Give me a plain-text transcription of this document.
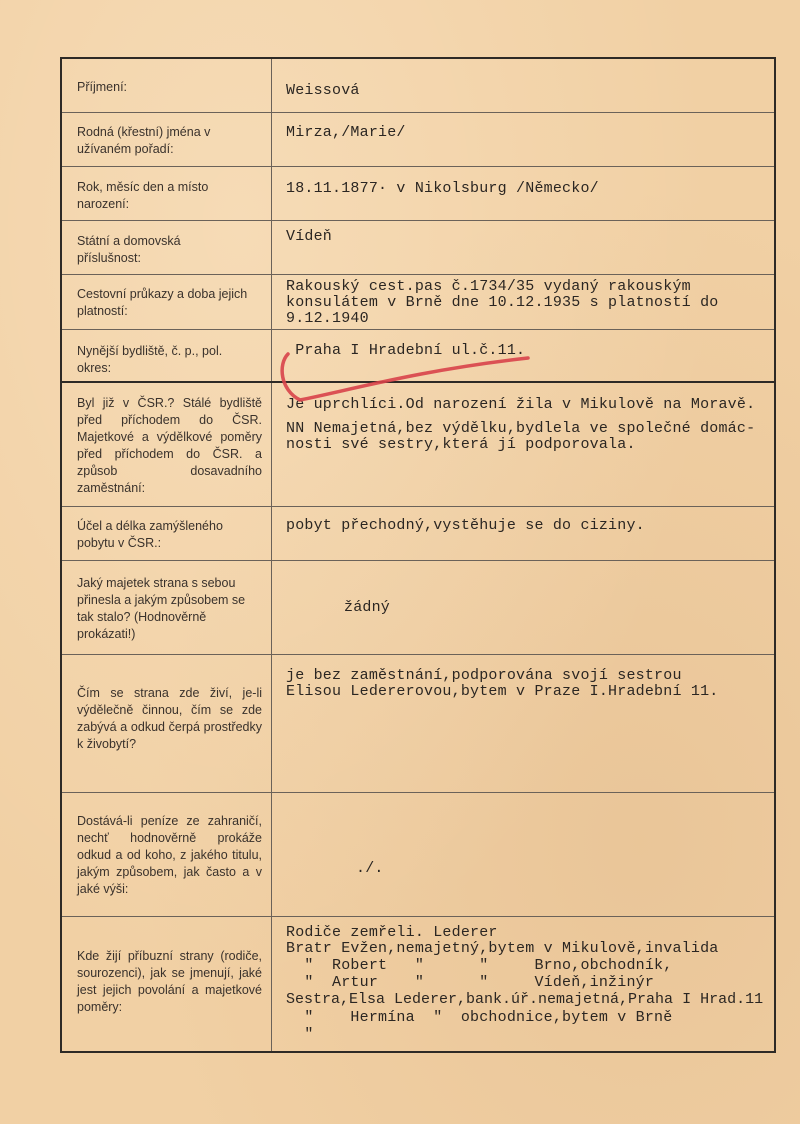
Příjmení:	Weissová
Rodná (křestní) jména v užívaném pořadí:
Mirza,/Marie/
Rok, měsíc den a místo narození:
18.11.1877· v Nikolsburg /Německo/
Státní a domovská příslušnost:
Vídeň
Cestovní průkazy a doba jejich platností:
Rakouský cest.pas č.1734/35 vydaný rakouským
konsulátem v Brně dne 10.12.1935 s platností do
9.12.1940
Nynější bydliště, č. p., pol. okres:
Praha I Hradební ul.č.11.
Byl již v ČSR.? Stálé bydliště před příchodem do ČSR. Majetkové a výdělkové poměry před příchodem do ČSR. a způsob dosavadního zaměstnání:
Je uprchlíci.Od narození žila v Mikulově na Moravě.
NN Nemajetná,bez výdělku,bydlela ve společné domác-
nosti své sestry,která jí podporovala.
Účel a délka zamýšleného pobytu v ČSR.:
pobyt přechodný,vystěhuje se do ciziny.
Jaký majetek strana s sebou přinesla a jakým způsobem se tak stalo? (Hodnověrně prokázati!)
žádný
Čím se strana zde živí, je-li výdělečně činnou, čím se zde zabývá a odkud čerpá prostředky k živobytí?
je bez zaměstnání,podporována svojí sestrou
Elisou Ledererovou,bytem v Praze I.Hradební 11.
Dostává-li peníze ze zahraničí, nechť hodnověrně prokáže odkud a od koho, z jakého titulu, jakým způsobem, jak často a v jaké výši:
./.
Kde žijí příbuzní strany (rodiče, sourozenci), jak se jmenují, jaké jest jejich povolání a majetkové poměry:
Rodiče zemřeli. Lederer
Bratr Evžen,nemajetný,bytem v Mikulově,invalida
"  Robert   "      "     Brno,obchodník,
"  Artur    "      "     Vídeň,inžinýr
Sestra,Elsa Lederer,bank.úř.nemajetná,Praha I Hrad.11
"    Hermína  "  obchodnice,bytem v Brně
"
